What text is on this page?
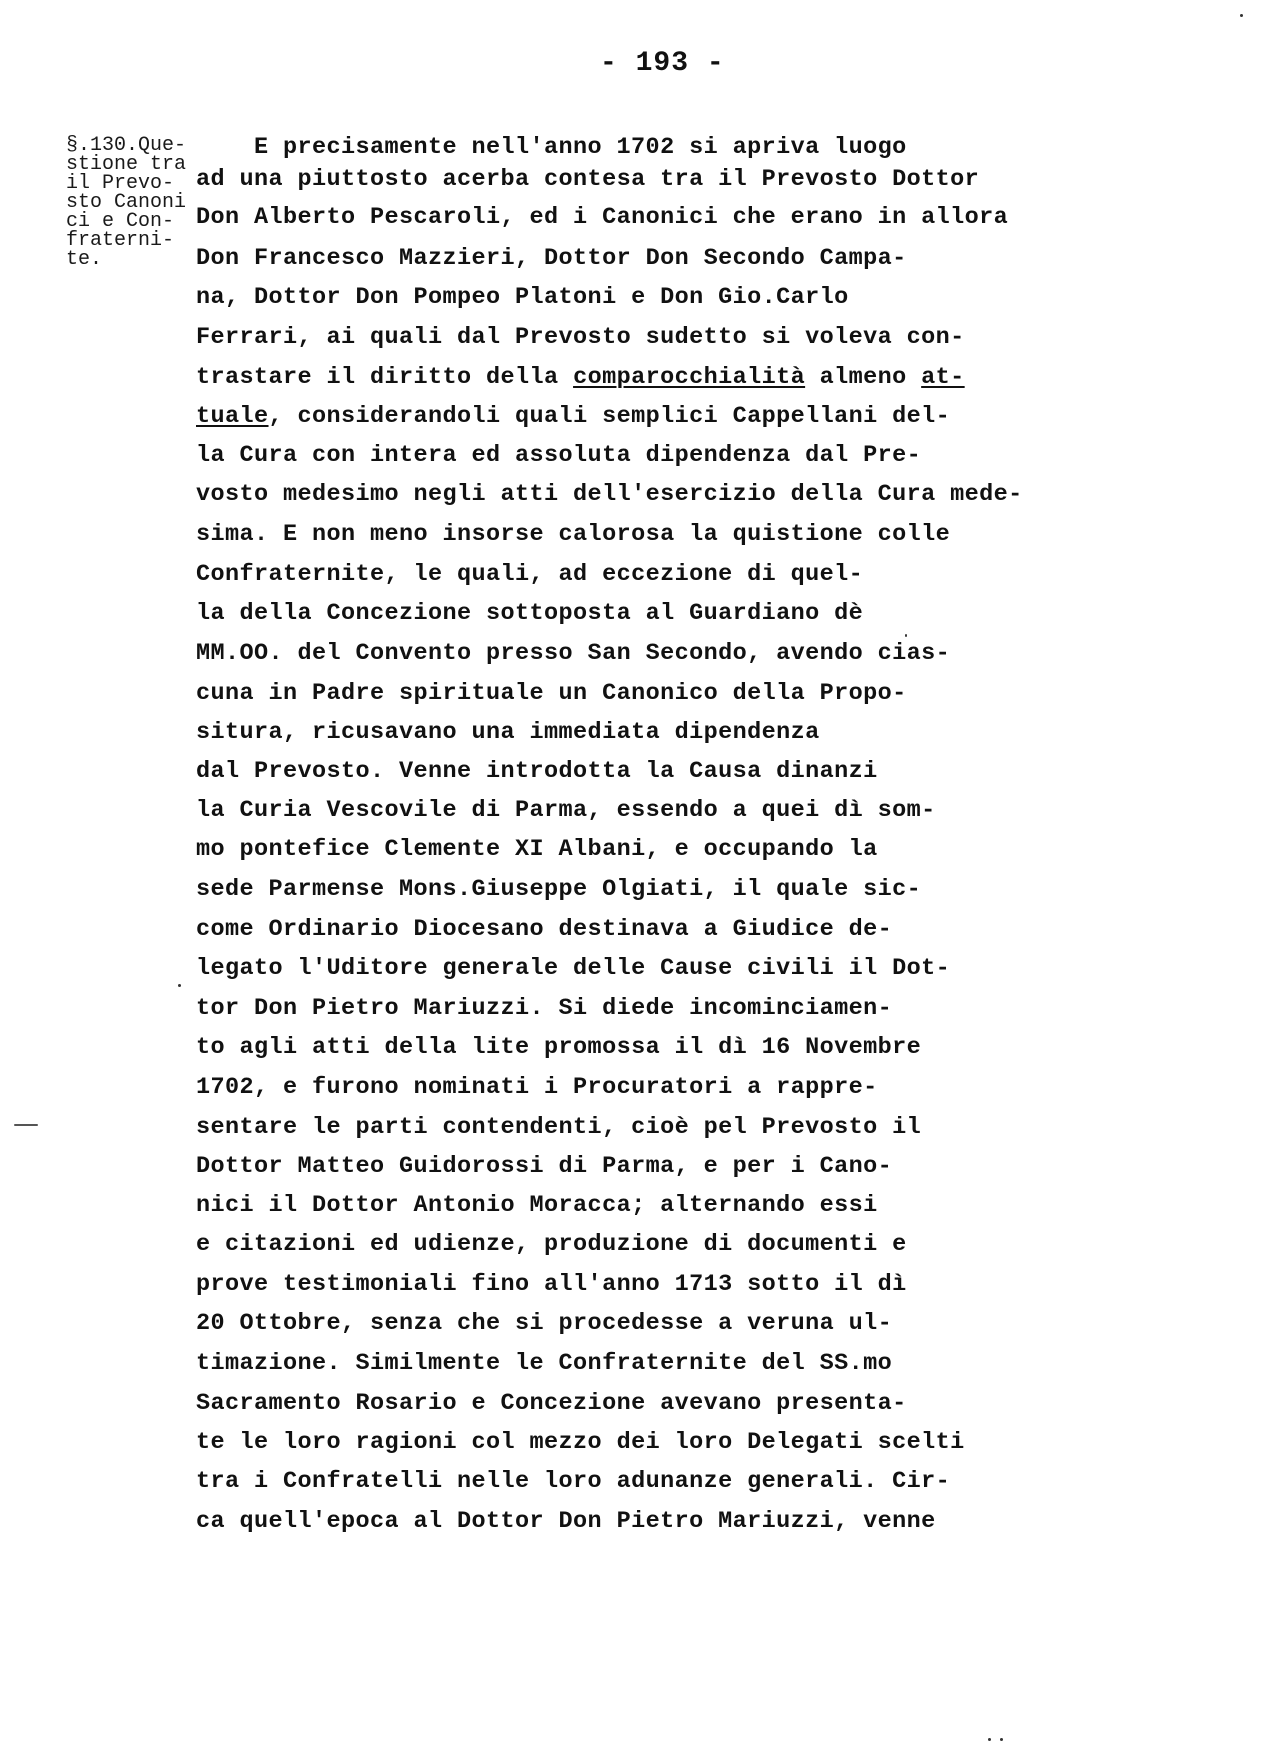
- 193 -
§.130.Que-
stione tra
il Prevo-
sto Canoni
ci e Con-
fraterni-
te.
E precisamente nell'anno 1702 si apriva luogo
ad una piuttosto acerba contesa tra il Prevosto Dottor
Don Alberto Pescaroli, ed i Canonici che erano in allora
Don Francesco Mazzieri, Dottor Don Secondo Campa-
na, Dottor Don Pompeo Platoni e Don Gio.Carlo
Ferrari, ai quali dal Prevosto sudetto si voleva con-
trastare il diritto della comparocchialità almeno at-
tuale, considerandoli quali semplici Cappellani del-
la Cura con intera ed assoluta dipendenza dal Pre-
vosto medesimo negli atti dell'esercizio della Cura mede-
sima. E non meno insorse calorosa la quistione colle
Confraternite, le quali, ad eccezione di quel-
la della Concezione sottoposta al Guardiano dè
MM.OO. del Convento presso San Secondo, avendo cias-
cuna in Padre spirituale un Canonico della Propo-
situra, ricusavano una immediata dipendenza
dal Prevosto. Venne introdotta la Causa dinanzi
la Curia Vescovile di Parma, essendo a quei dì som-
mo pontefice Clemente XI Albani, e occupando la
sede Parmense Mons.Giuseppe Olgiati, il quale sic-
come Ordinario Diocesano destinava a Giudice de-
legato l'Uditore generale delle Cause civili il Dot-
tor Don Pietro Mariuzzi. Si diede incominciamen-
to agli atti della lite promossa il dì 16 Novembre
1702, e furono nominati i Procuratori a rappre-
sentare le parti contendenti, cioè pel Prevosto il
Dottor Matteo Guidorossi di Parma, e per i Cano-
nici il Dottor Antonio Moracca; alternando essi
e citazioni ed udienze, produzione di documenti e
prove testimoniali fino all'anno 1713 sotto il dì
20 Ottobre, senza che si procedesse a veruna ul-
timazione. Similmente le Confraternite del SS.mo
Sacramento Rosario e Concezione avevano presenta-
te le loro ragioni col mezzo dei loro Delegati scelti
tra i Confratelli nelle loro adunanze generali. Cir-
ca quell'epoca al Dottor Don Pietro Mariuzzi, venne
